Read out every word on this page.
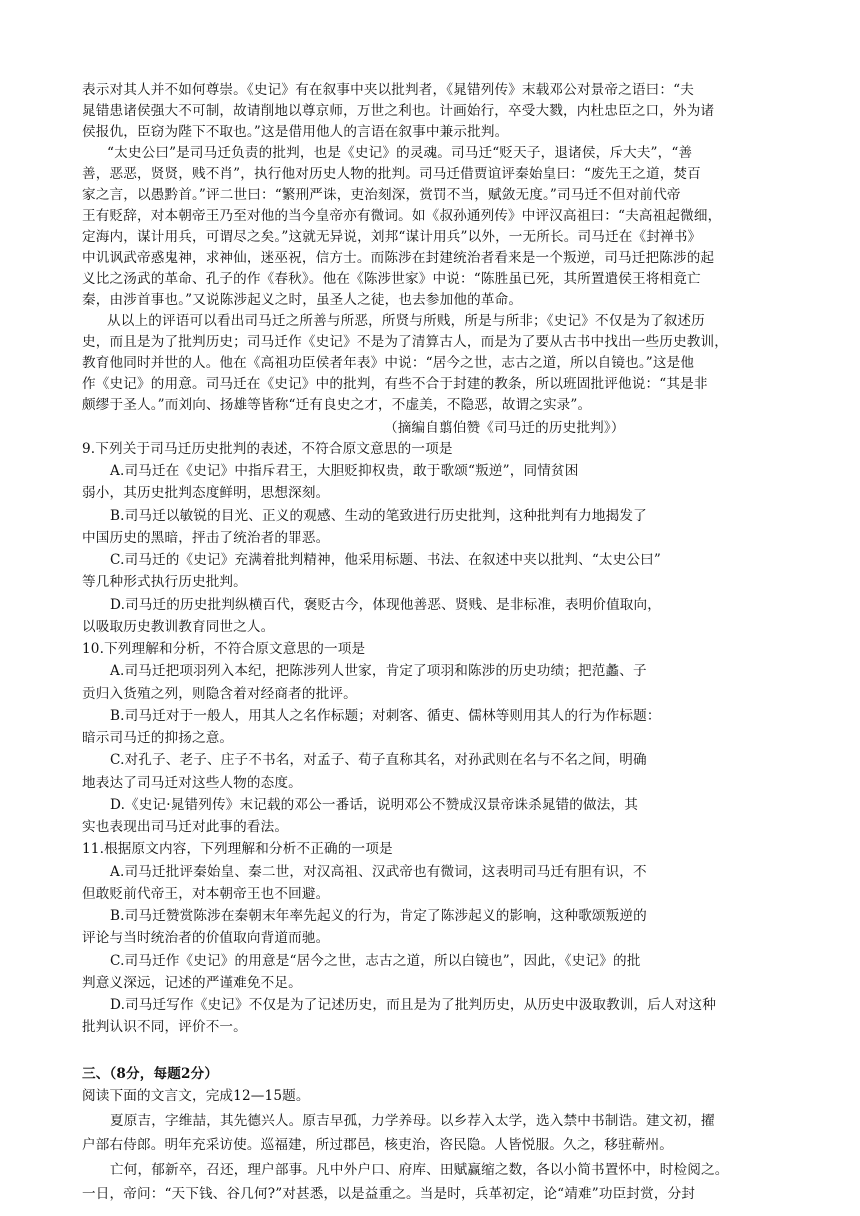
表示对其人并不如何尊崇。《史记》有在叙事中夹以批判者，《晁错列传》末载邓公对景帝之语曰：“夫
晁错患诸侯强大不可制，故请削地以尊京师，万世之利也。计画始行，卒受大戮，内杜忠臣之口，外为诸
侯报仇，臣窃为陛下不取也。”这是借用他人的言语在叙事中兼示批判。
“太史公曰”是司马迁负责的批判，也是《史记》的灵魂。司马迁“贬天子，退诸侯，斥大夫”，“善
善，恶恶，贤贤，贱不肖”，执行他对历史人物的批判。司马迁借贾谊评秦始皇曰：“废先王之道，焚百
家之言，以愚黔首。”评二世曰：“繁刑严诛，吏治刻深，赏罚不当，赋敛无度。”司马迁不但对前代帝
王有贬辞，对本朝帝王乃至对他的当今皇帝亦有微词。如《叔孙通列传》中评汉高祖曰：“夫高祖起微细，
定海内，谋计用兵，可谓尽之矣。”这就无异说，刘邦“谋计用兵”以外，一无所长。司马迁在《封禅书》
中讥讽武帝惑鬼神，求神仙，迷巫祝，信方士。而陈涉在封建统治者看来是一个叛逆，司马迁把陈涉的起
义比之汤武的革命、孔子的作《春秋》。他在《陈涉世家》中说：“陈胜虽已死，其所置遣侯王将相竟亡
秦，由涉首事也。”又说陈涉起义之时，虽圣人之徒，也去参加他的革命。
从以上的评语可以看出司马迁之所善与所恶，所贤与所贱，所是与所非；《史记》不仅是为了叙述历
史，而且是为了批判历史；司马迁作《史记》不是为了清算古人，而是为了要从古书中找出一些历史教训，
教育他同时并世的人。他在《高祖功臣侯者年表》中说：“居今之世，志古之道，所以自镜也。”这是他
作《史记》的用意。司马迁在《史记》中的批判，有些不合于封建的教条，所以班固批评他说：“其是非
颇缪于圣人。”而刘向、扬雄等皆称“迁有良史之才，不虚美，不隐恶，故谓之实录”。
（摘编自翦伯赞《司马迁的历史批判》）
9.下列关于司马迁历史批判的表述，不符合原文意思的一项是
A.司马迁在《史记》中指斥君王，大胆贬抑权贵，敢于歌颂“叛逆”，同情贫困
弱小，其历史批判态度鲜明，思想深刻。
B.司马迁以敏锐的目光、正义的观感、生动的笔致进行历史批判，这种批判有力地揭发了
中国历史的黑暗，抨击了统治者的罪恶。
C.司马迁的《史记》充满着批判精神，他采用标题、书法、在叙述中夹以批判、“太史公曰”
等几种形式执行历史批判。
D.司马迁的历史批判纵横百代，褒贬古今，体现他善恶、贤贱、是非标准，表明价值取向，
以吸取历史教训教育同世之人。
10.下列理解和分析，不符合原文意思的一项是
A.司马迁把项羽列入本纪，把陈涉列人世家，肯定了项羽和陈涉的历史功绩；把范蠡、子
贡归入货殖之列，则隐含着对经商者的批评。
B.司马迁对于一般人，用其人之名作标题；对刺客、循吏、儒林等则用其人的行为作标题：
暗示司马迁的抑扬之意。
C.对孔子、老子、庄子不书名，对孟子、荀子直称其名，对孙武则在名与不名之间，明确
地表达了司马迁对这些人物的态度。
D.《史记·晁错列传》末记载的邓公一番话，说明邓公不赞成汉景帝诛杀晁错的做法，其
实也表现出司马迁对此事的看法。
11.根据原文内容，下列理解和分析不正确的一项是
A.司马迁批评秦始皇、秦二世，对汉高祖、汉武帝也有微词，这表明司马迁有胆有识，不
但敢贬前代帝王，对本朝帝王也不回避。
B.司马迁赞赏陈涉在秦朝末年率先起义的行为，肯定了陈涉起义的影响，这种歌颂叛逆的
评论与当时统治者的价值取向背道而驰。
C.司马迁作《史记》的用意是“居今之世，志古之道，所以白镜也”，因此，《史记》的批
判意义深远，记述的严谨难免不足。
D.司马迁写作《史记》不仅是为了记述历史，而且是为了批判历史，从历史中汲取教训，后人对这种
批判认识不同，评价不一。
三、（8分，每题2分）
阅读下面的文言文，完成12—15题。
夏原吉，字维喆，其先德兴人。原吉早孤，力学养母。以乡荐入太学，选入禁中书制诰。建文初，擢
户部右侍郎。明年充采访使。巡福建，所过郡邑，核吏治，咨民隐。人皆悦服。久之，移驻蕲州。
亡何，郁新卒，召还，理户部事。凡中外户口、府库、田赋赢缩之数，各以小简书置怀中，时检阅之。
一日，帝问：“天下钱、谷几何?”对甚悉，以是益重之。当是时，兵革初定，论“靖难”功臣封赏，分封
